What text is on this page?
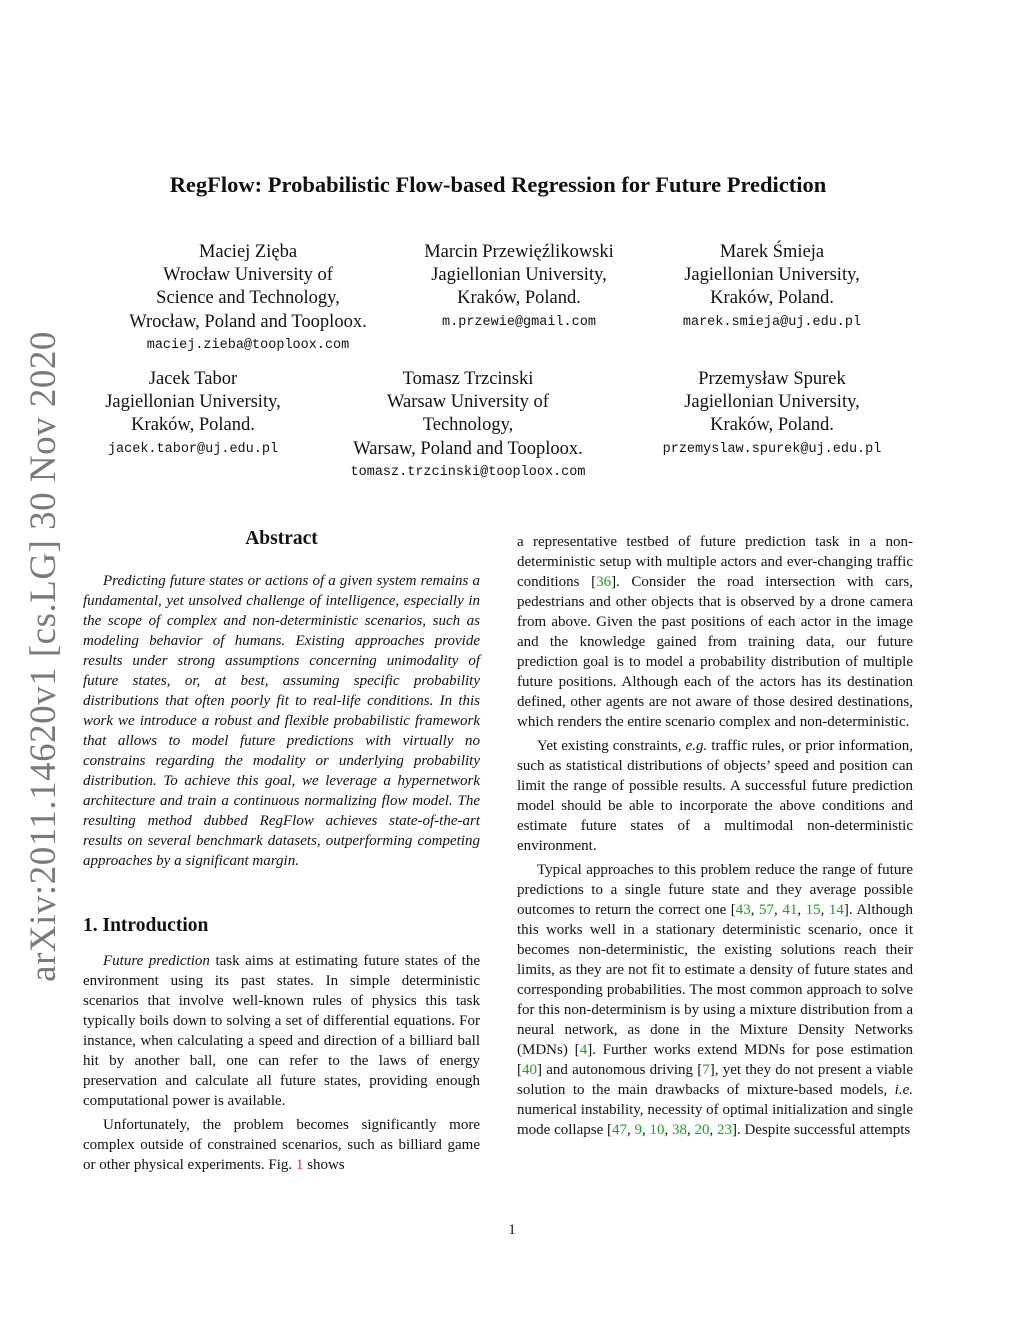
arXiv:2011.14620v1 [cs.LG] 30 Nov 2020
RegFlow: Probabilistic Flow-based Regression for Future Prediction
Maciej Zięba
Wrocław University of
Science and Technology,
Wrocław, Poland and Tooploox.
maciej.zieba@tooploox.com
Marcin Przewięźlikowski
Jagiellonian University,
Kraków, Poland.
m.przewie@gmail.com
Marek Śmieja
Jagiellonian University,
Kraków, Poland.
marek.smieja@uj.edu.pl
Jacek Tabor
Jagiellonian University,
Kraków, Poland.
jacek.tabor@uj.edu.pl
Tomasz Trzcinski
Warsaw University of
Technology,
Warsaw, Poland and Tooploox.
tomasz.trzcinski@tooploox.com
Przemysław Spurek
Jagiellonian University,
Kraków, Poland.
przemyslaw.spurek@uj.edu.pl
Abstract

Predicting future states or actions of a given system remains a fundamental, yet unsolved challenge of intelligence, especially in the scope of complex and non-deterministic scenarios, such as modeling behavior of humans. Existing approaches provide results under strong assumptions concerning unimodality of future states, or, at best, assuming specific probability distributions that often poorly fit to real-life conditions. In this work we introduce a robust and flexible probabilistic framework that allows to model future predictions with virtually no constrains regarding the modality or underlying probability distribution. To achieve this goal, we leverage a hypernetwork architecture and train a continuous normalizing flow model. The resulting method dubbed RegFlow achieves state-of-the-art results on several benchmark datasets, outperforming competing approaches by a significant margin.

1. Introduction

Future prediction task aims at estimating future states of the environment using its past states. In simple deterministic scenarios that involve well-known rules of physics this task typically boils down to solving a set of differential equations. For instance, when calculating a speed and direction of a billiard ball hit by another ball, one can refer to the laws of energy preservation and calculate all future states, providing enough computational power is available.

Unfortunately, the problem becomes significantly more complex outside of constrained scenarios, such as billiard game or other physical experiments. Fig. 1 shows

a representative testbed of future prediction task in a non-deterministic setup with multiple actors and ever-changing traffic conditions [36]. Consider the road intersection with cars, pedestrians and other objects that is observed by a drone camera from above. Given the past positions of each actor in the image and the knowledge gained from training data, our future prediction goal is to model a probability distribution of multiple future positions. Although each of the actors has its destination defined, other agents are not aware of those desired destinations, which renders the entire scenario complex and non-deterministic.

Yet existing constraints, e.g. traffic rules, or prior information, such as statistical distributions of objects’ speed and position can limit the range of possible results. A successful future prediction model should be able to incorporate the above conditions and estimate future states of a multimodal non-deterministic environment.

Typical approaches to this problem reduce the range of future predictions to a single future state and they average possible outcomes to return the correct one [43, 57, 41, 15, 14]. Although this works well in a stationary deterministic scenario, once it becomes non-deterministic, the existing solutions reach their limits, as they are not fit to estimate a density of future states and corresponding probabilities. The most common approach to solve for this non-determinism is by using a mixture distribution from a neural network, as done in the Mixture Density Networks (MDNs) [4]. Further works extend MDNs for pose estimation [40] and autonomous driving [7], yet they do not present a viable solution to the main drawbacks of mixture-based models, i.e. numerical instability, necessity of optimal initialization and single mode collapse [47, 9, 10, 38, 20, 23]. Despite successful attempts

1
